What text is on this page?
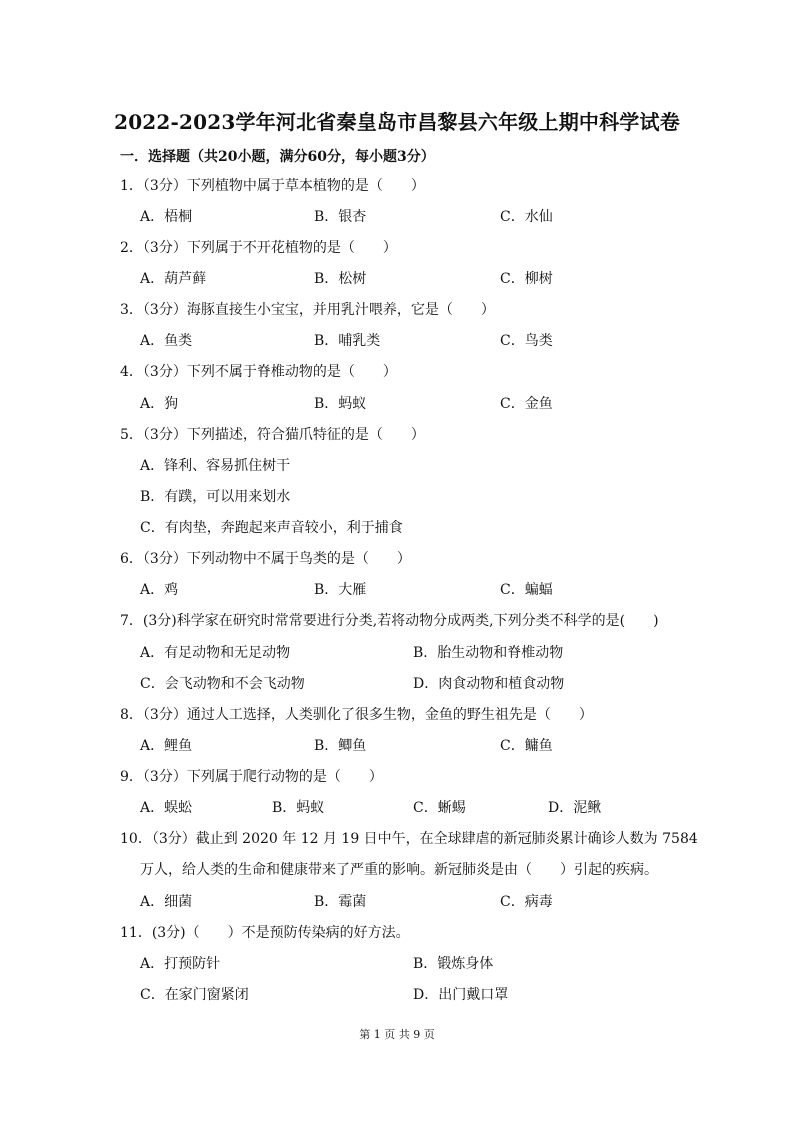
2022-2023学年河北省秦皇岛市昌黎县六年级上期中科学试卷
一．选择题（共20小题，满分60分，每小题3分）
1．（3分）下列植物中属于草本植物的是（　　）
A．梧桐	B．银杏	C．水仙
2．（3分）下列属于不开花植物的是（　　）
A．葫芦藓	B．松树	C．柳树
3．（3分）海豚直接生小宝宝，并用乳汁喂养，它是（　　）
A．鱼类	B．哺乳类	C．鸟类
4．（3分）下列不属于脊椎动物的是（　　）
A．狗	B．蚂蚁	C．金鱼
5．（3分）下列描述，符合猫爪特征的是（　　）
A．锋利、容易抓住树干
B．有蹼，可以用来划水
C．有肉垫，奔跑起来声音较小，利于捕食
6．（3分）下列动物中不属于鸟类的是（　　）
A．鸡	B．大雁	C．蝙蝠
7．(3分)科学家在研究时常常要进行分类,若将动物分成两类,下列分类不科学的是(　　)
A．有足动物和无足动物	B．胎生动物和脊椎动物
C．会飞动物和不会飞动物	D．肉食动物和植食动物
8．（3分）通过人工选择，人类驯化了很多生物，金鱼的野生祖先是（　　）
A．鲤鱼	B．鲫鱼	C．鳙鱼
9．（3分）下列属于爬行动物的是（　　）
A．蜈蚣	B．蚂蚁	C．蜥蜴	D．泥鳅
10．（3分）截止到 2020 年 12 月 19 日中午，在全球肆虐的新冠肺炎累计确诊人数为 7584
万人，给人类的生命和健康带来了严重的影响。新冠肺炎是由（　　）引起的疾病。
A．细菌	B．霉菌	C．病毒
11．(3分)（　　）不是预防传染病的好方法。
A．打预防针	B．锻炼身体
C．在家门窗紧闭	D．出门戴口罩
第 1 页 共 9 页
